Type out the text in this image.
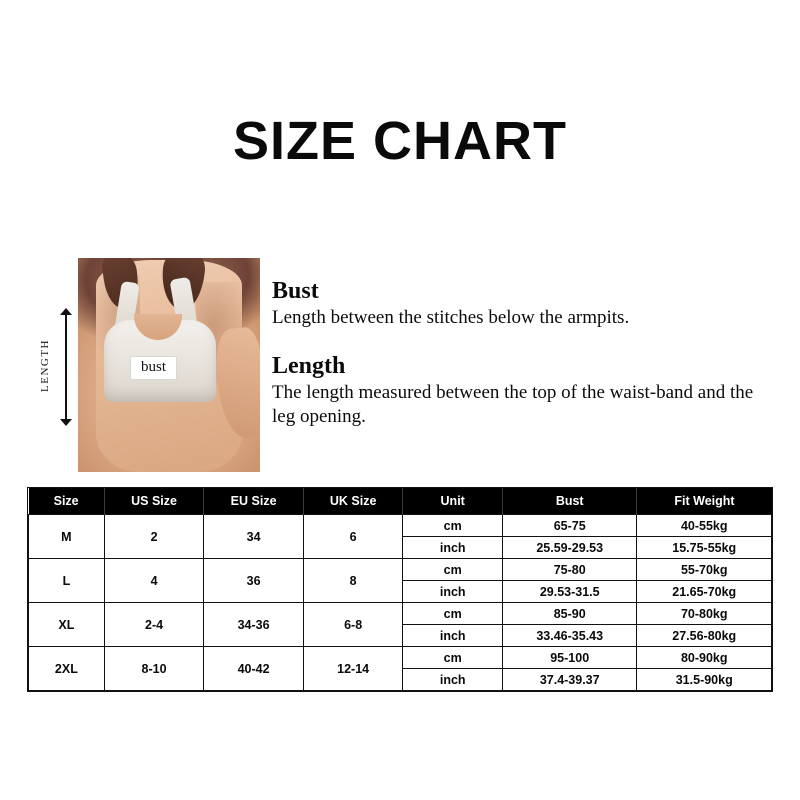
SIZE CHART
LENGTH	bust
Bust

Length between the stitches below the armpits.

Length

The length measured between the top of the waist-band and the leg opening.

Size	US Size	EU Size	UK Size	Unit	Bust	Fit Weight
M	2	34	6	cm	65-75	40-55kg
				inch	25.59-29.53	15.75-55kg
L	4	36	8	cm	75-80	55-70kg
				inch	29.53-31.5	21.65-70kg
XL	2-4	34-36	6-8	cm	85-90	70-80kg
				inch	33.46-35.43	27.56-80kg
2XL	8-10	40-42	12-14	cm	95-100	80-90kg
				inch	37.4-39.37	31.5-90kg
